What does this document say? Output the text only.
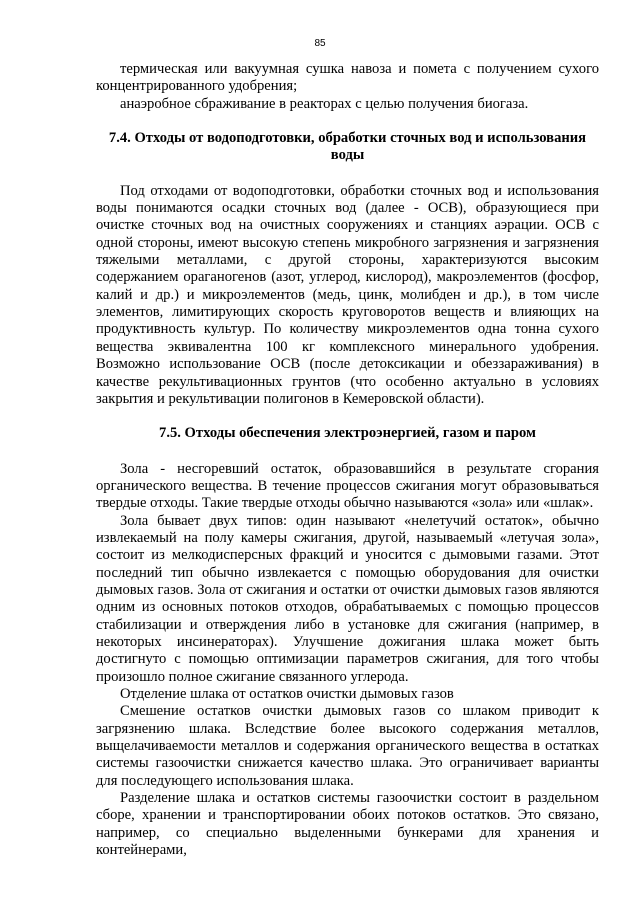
85

термическая или вакуумная сушка навоза и помета с получением сухого концентрированного удобрения;

анаэробное сбраживание в реакторах с целью получения биогаза.

7.4. Отходы от водоподготовки, обработки сточных вод и использования воды

Под отходами от водоподготовки, обработки сточных вод и использования воды понимаются осадки сточных вод (далее - ОСВ), образующиеся при очистке сточных вод на очистных сооружениях и станциях аэрации. ОСВ с одной стороны, имеют высокую степень микробного загрязнения и загрязнения тяжелыми металлами, с другой стороны, характеризуются высоким содержанием ораганогенов (азот, углерод, кислород), макроэлементов (фосфор, калий и др.) и микроэлементов (медь, цинк, молибден и др.), в том числе элементов, лимитирующих скорость круговоротов веществ и влияющих на продуктивность культур. По количеству микроэлементов одна тонна сухого вещества эквивалентна 100 кг комплексного минерального удобрения. Возможно использование ОСВ (после детоксикации и обеззараживания) в качестве рекультивационных грунтов (что особенно актуально в условиях закрытия и рекультивации полигонов в Кемеровской области).

7.5. Отходы обеспечения электроэнергией, газом и паром

Зола - несгоревший остаток, образовавшийся в результате сгорания органического вещества. В течение процессов сжигания могут образовываться твердые отходы. Такие твердые отходы обычно называются «зола» или «шлак».

Зола бывает двух типов: один называют «нелетучий остаток», обычно извлекаемый на полу камеры сжигания, другой, называемый «летучая зола», состоит из мелкодисперсных фракций и уносится с дымовыми газами. Этот последний тип обычно извлекается с помощью оборудования для очистки дымовых газов. Зола от сжигания и остатки от очистки дымовых газов являются одним из основных потоков отходов, обрабатываемых с помощью процессов стабилизации и отверждения либо в установке для сжигания (например, в некоторых инсинераторах). Улучшение дожигания шлака может быть достигнуто с помощью оптимизации параметров сжигания, для того чтобы произошло полное сжигание связанного углерода.

Отделение шлака от остатков очистки дымовых газов

Смешение остатков очистки дымовых газов со шлаком приводит к загрязнению шлака. Вследствие более высокого содержания металлов, выщелачиваемости металлов и содержания органического вещества в остатках системы газоочистки снижается качество шлака. Это ограничивает варианты для последующего использования шлака.

Разделение шлака и остатков системы газоочистки состоит в раздельном сборе, хранении и транспортировании обоих потоков остатков. Это связано, например, со специально выделенными бункерами для хранения и контейнерами,
